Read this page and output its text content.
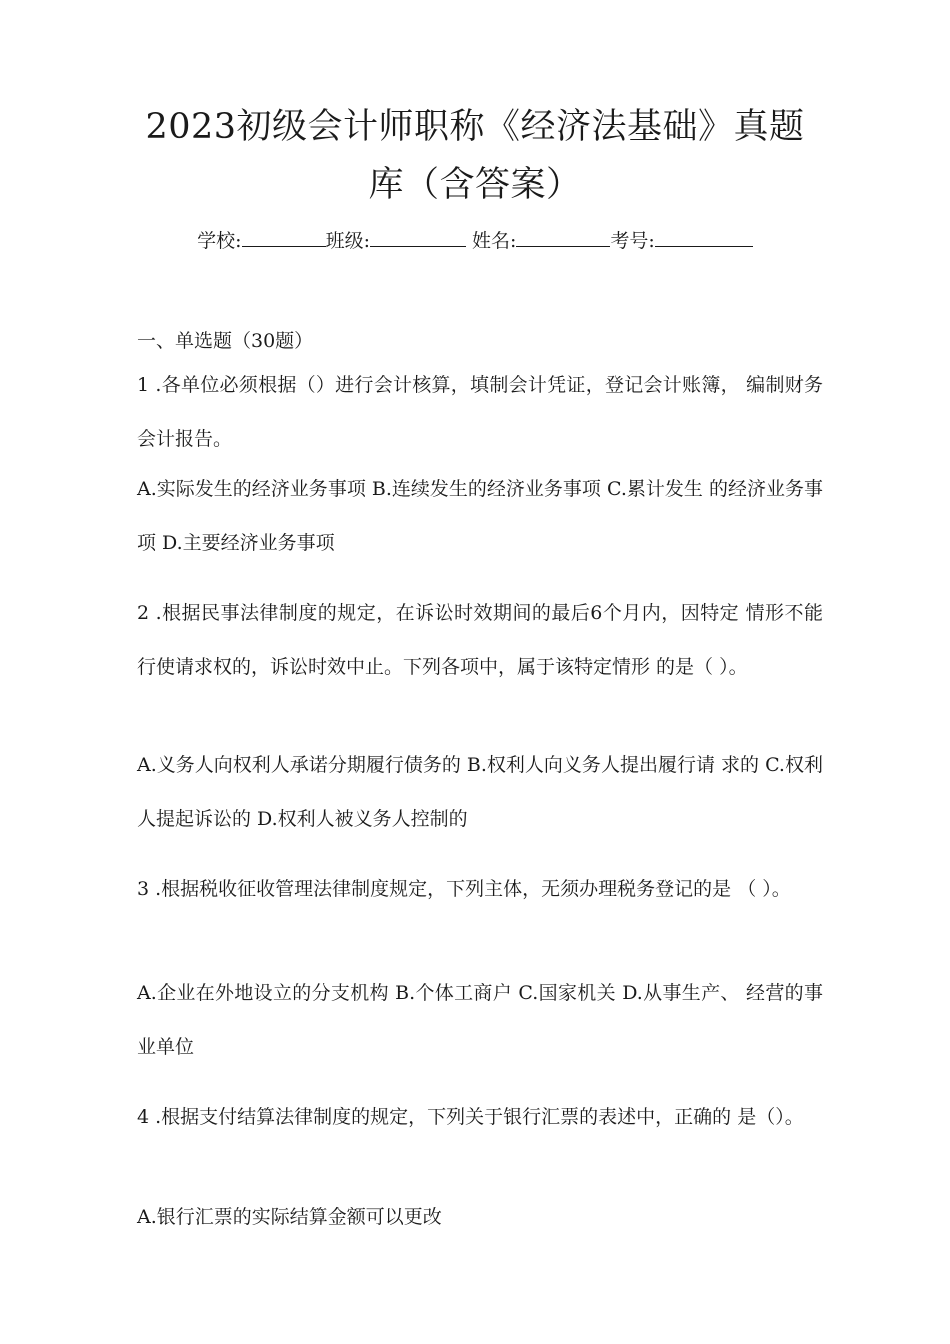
2023初级会计师职称《经济法基础》真题
库（含答案）
学校:	班级:	姓名:	考号:
一、单选题（30题）

1 .各单位必须根据（）进行会计核算，填制会计凭证，登记会计账簿， 编制财务会计报告。

A.实际发生的经济业务事项 B.连续发生的经济业务事项 C.累计发生 的经济业务事项 D.主要经济业务事项

2 .根据民事法律制度的规定，在诉讼时效期间的最后6个月内，因特定 情形不能行使请求权的，诉讼时效中止。下列各项中，属于该特定情形 的是（ ）。

A.义务人向权利人承诺分期履行债务的 B.权利人向义务人提出履行请 求的 C.权利人提起诉讼的 D.权利人被义务人控制的

3 .根据税收征收管理法律制度规定，下列主体，无须办理税务登记的是 （ ）。

A.企业在外地设立的分支机构 B.个体工商户 C.国家机关 D.从事生产、 经营的事业单位

4 .根据支付结算法律制度的规定，下列关于银行汇票的表述中，正确的 是（）。

A.银行汇票的实际结算金额可以更改
